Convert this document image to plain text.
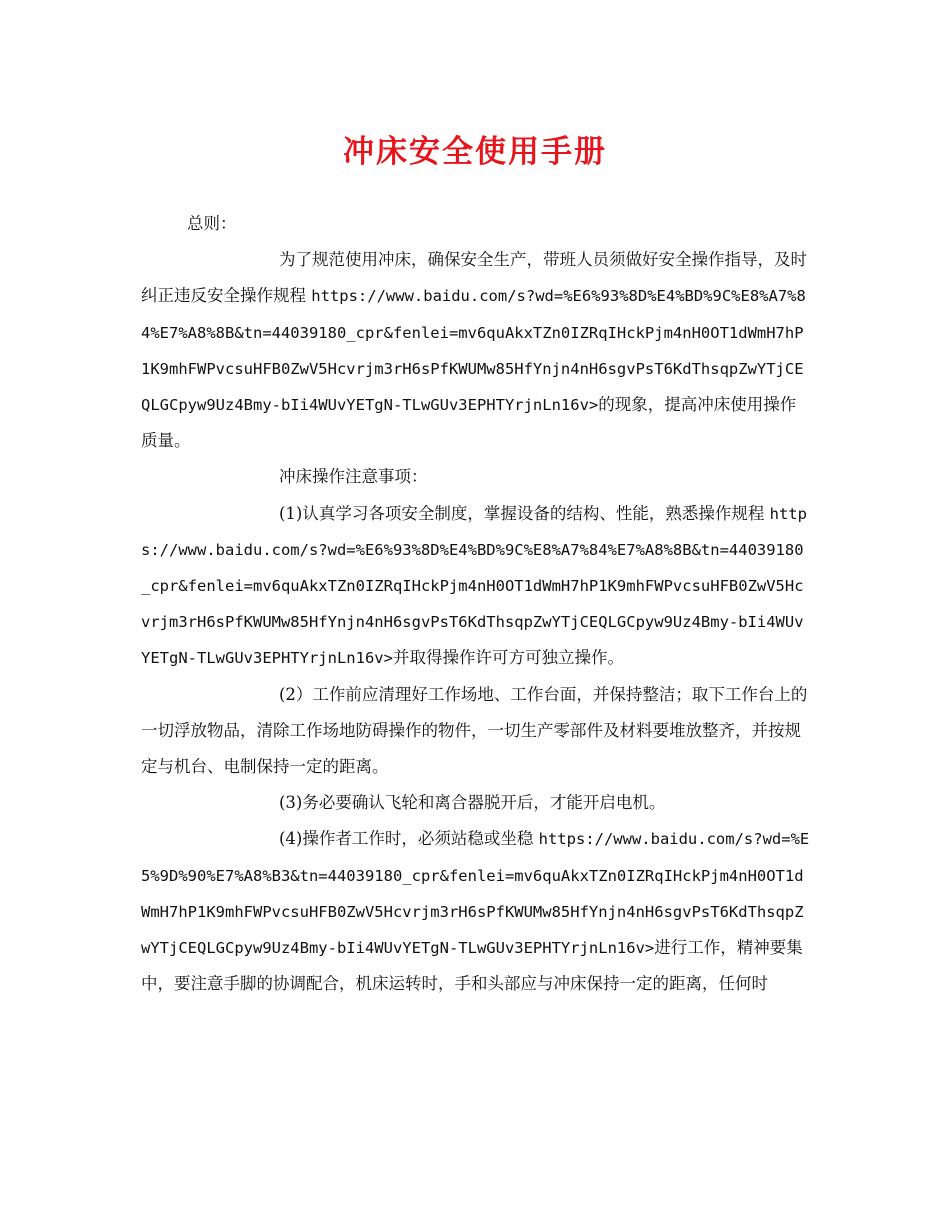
冲床安全使用手册

总则：

为了规范使用冲床，确保安全生产，带班人员须做好安全操作指导，及时纠正违反安全操作规程 https://www.baidu.com/s?wd=%E6%93%8D%E4%BD%9C%E8%A7%84%E7%A8%8B&tn=44039180_cpr&fenlei=mv6quAkxTZn0IZRqIHckPjm4nH0OT1dWmH7hP1K9mhFWPvcsuHFB0ZwV5Hcvrjm3rH6sPfKWUMw85HfYnjn4nH6sgvPsT6KdThsqpZwYTjCEQLGCpyw9Uz4Bmy-bIi4WUvYETgN-TLwGUv3EPHTYrjnLn16v>的现象，提高冲床使用操作质量。

冲床操作注意事项：

(1)认真学习各项安全制度，掌握设备的结构、性能，熟悉操作规程 https://www.baidu.com/s?wd=%E6%93%8D%E4%BD%9C%E8%A7%84%E7%A8%8B&tn=44039180_cpr&fenlei=mv6quAkxTZn0IZRqIHckPjm4nH0OT1dWmH7hP1K9mhFWPvcsuHFB0ZwV5Hcvrjm3rH6sPfKWUMw85HfYnjn4nH6sgvPsT6KdThsqpZwYTjCEQLGCpyw9Uz4Bmy-bIi4WUvYETgN-TLwGUv3EPHTYrjnLn16v>并取得操作许可方可独立操作。

(2）工作前应清理好工作场地、工作台面，并保持整洁；取下工作台上的一切浮放物品，清除工作场地防碍操作的物件，一切生产零部件及材料要堆放整齐，并按规定与机台、电制保持一定的距离。

(3)务必要确认飞轮和离合器脱开后，才能开启电机。

(4)操作者工作时，必须站稳或坐稳 https://www.baidu.com/s?wd=%E5%9D%90%E7%A8%B3&tn=44039180_cpr&fenlei=mv6quAkxTZn0IZRqIHckPjm4nH0OT1dWmH7hP1K9mhFWPvcsuHFB0ZwV5Hcvrjm3rH6sPfKWUMw85HfYnjn4nH6sgvPsT6KdThsqpZwYTjCEQLGCpyw9Uz4Bmy-bIi4WUvYETgN-TLwGUv3EPHTYrjnLn16v>进行工作，精神要集中，要注意手脚的协调配合，机床运转时，手和头部应与冲床保持一定的距离，任何时
